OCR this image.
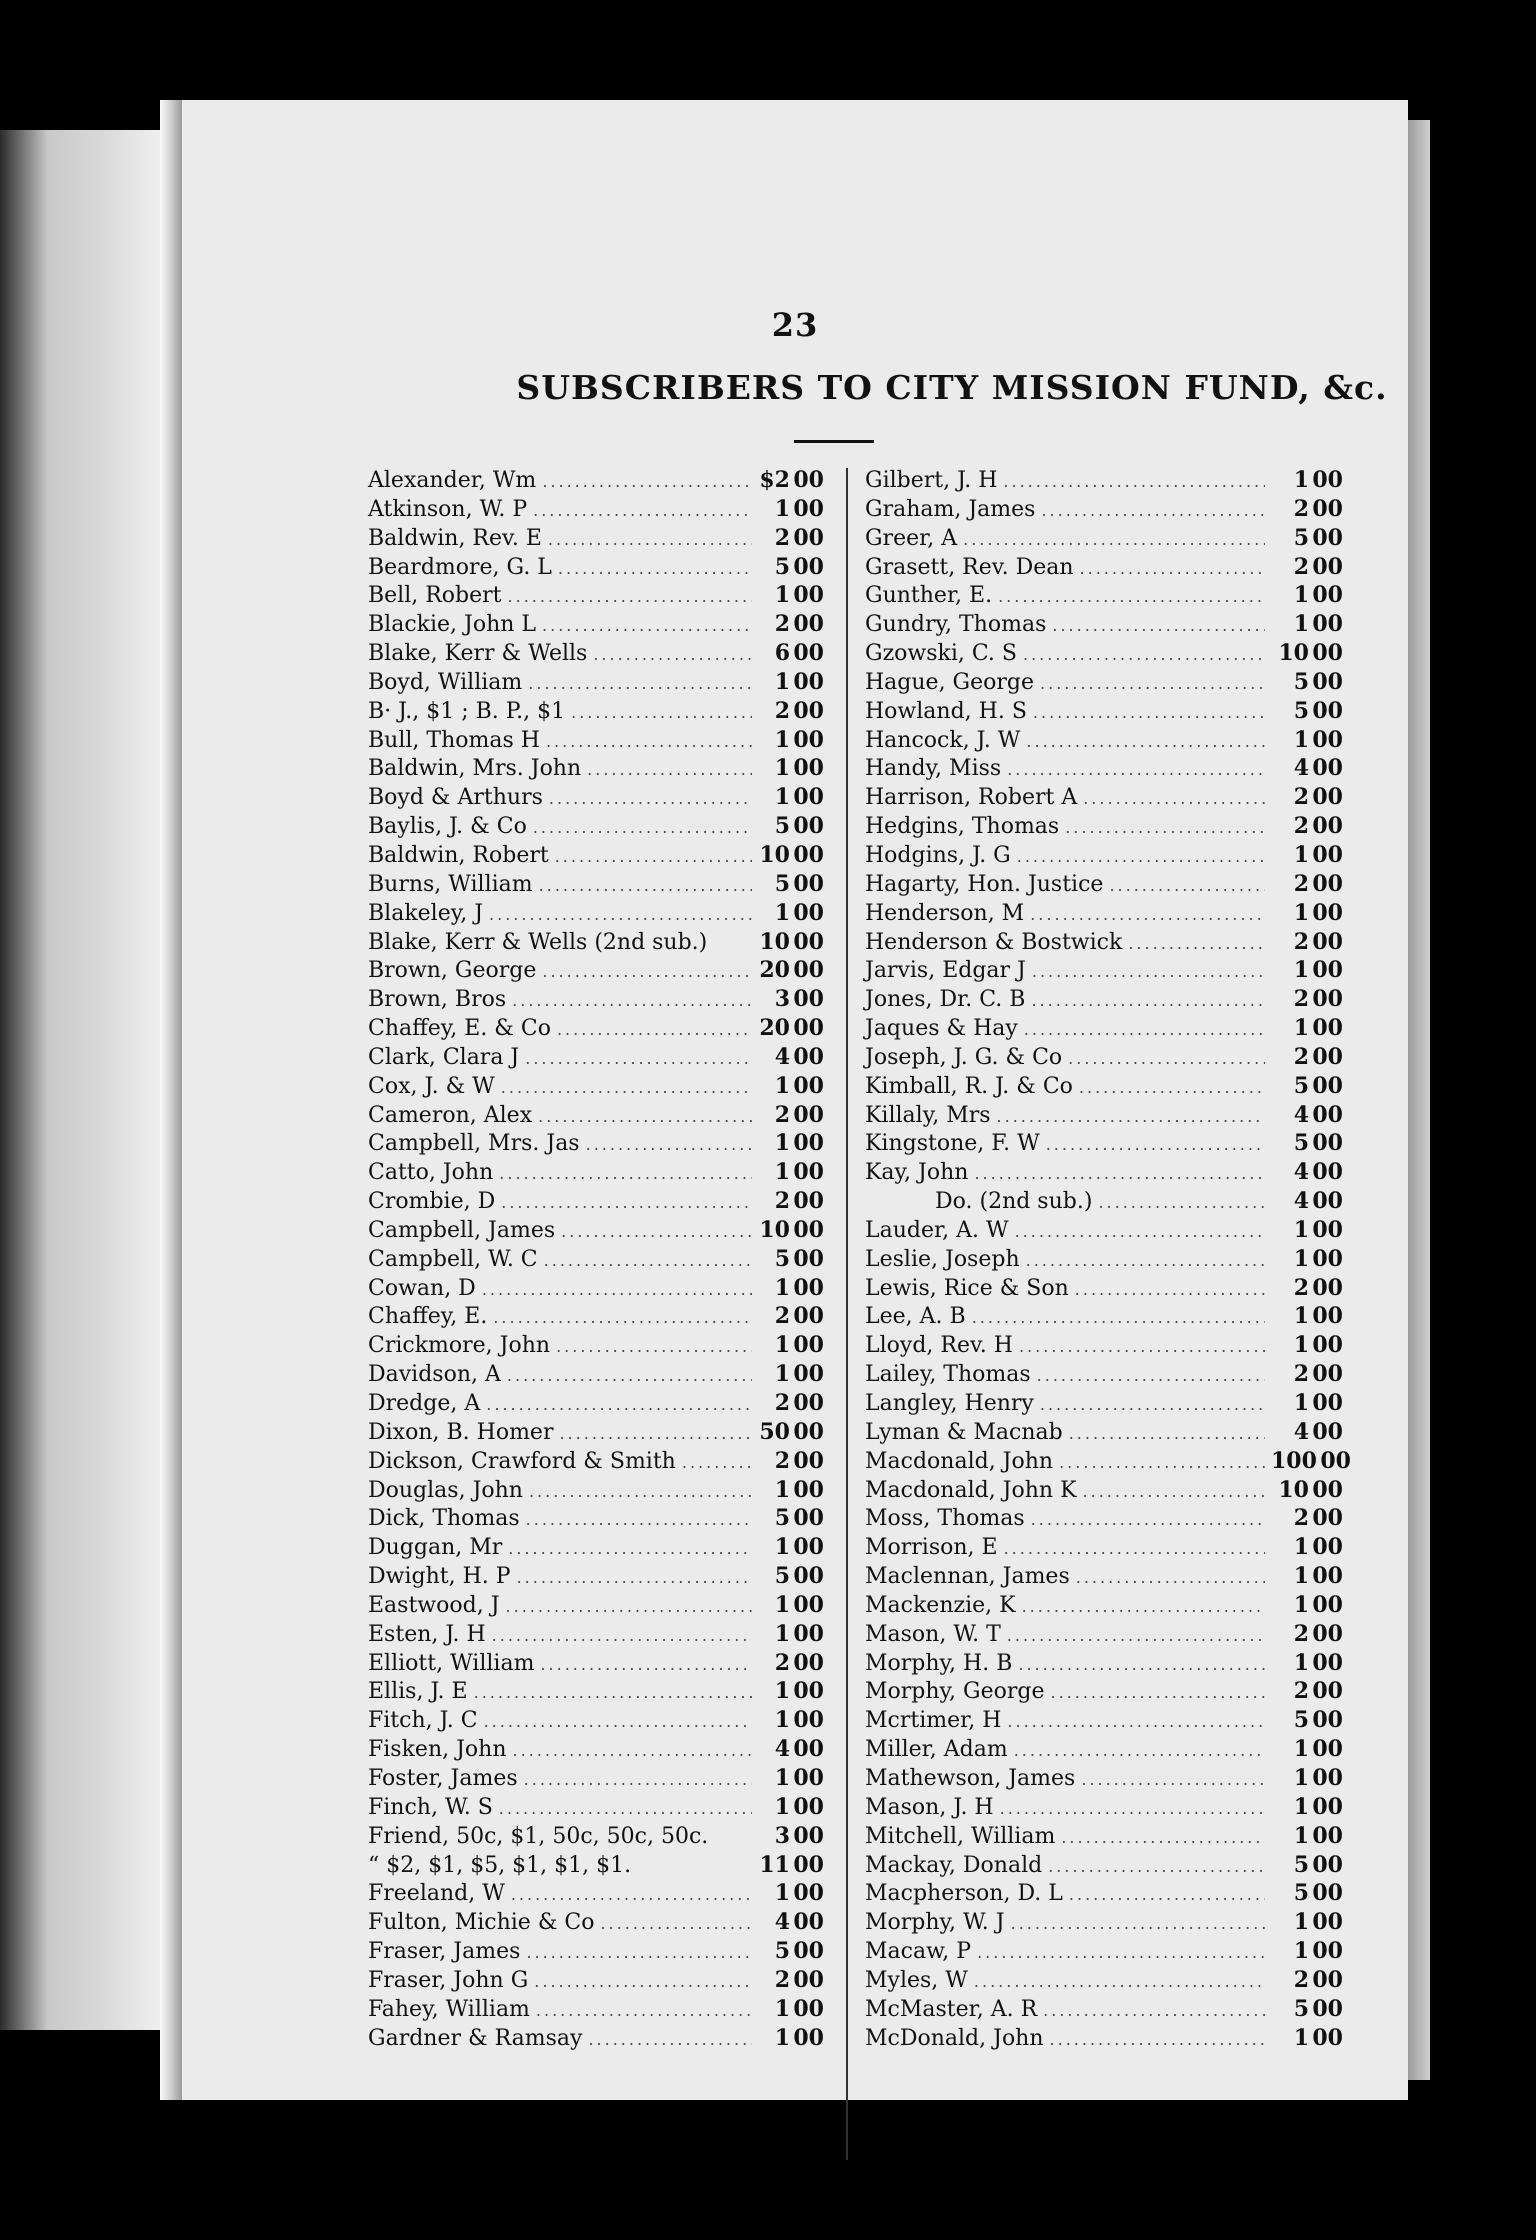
23
SUBSCRIBERS TO CITY MISSION FUND, &c.
Alexander, Wm .....	$2 00
Atkinson, W. P .....	1 00
Baldwin, Rev. E .....	2 00
Beardmore, G. L .....	5 00
Bell, Robert .....	1 00
Blackie, John L .....	2 00
Blake, Kerr & Wells .....	6 00
Boyd, William .....	1 00
B· J., $1 ; B. P., $1 .....	2 00
Bull, Thomas H .....	1 00
Baldwin, Mrs. John .....	1 00
Boyd & Arthurs .....	1 00
Baylis, J. & Co .....	5 00
Baldwin, Robert .....	10 00
Burns, William .....	5 00
Blakeley, J .....	1 00
Blake, Kerr & Wells (2nd sub.) 10 00
Brown, George .....	20 00
Brown, Bros .....	3 00
Chaffey, E. & Co .....	20 00
Clark, Clara J .....	4 00
Cox, J. & W .....	1 00
Cameron, Alex .....	2 00
Campbell, Mrs. Jas .....	1 00
Catto, John .....	1 00
Crombie, D .....	2 00
Campbell, James .....	10 00
Campbell, W. C .....	5 00
Cowan, D .....	1 00
Chaffey, E. .....	2 00
Crickmore, John .....	1 00
Davidson, A .....	1 00
Dredge, A .....	2 00
Dixon, B. Homer .....	50 00
Dickson, Crawford & Smith .....	2 00
Douglas, John .....	1 00
Dick, Thomas .....	5 00
Duggan, Mr .....	1 00
Dwight, H. P .....	5 00
Eastwood, J .....	1 00
Esten, J. H .....	1 00
Elliott, William .....	2 00
Ellis, J. E .....	1 00
Fitch, J. C .....	1 00
Fisken, John .....	4 00
Foster, James .....	1 00
Finch, W. S .....	1 00
Friend, 50c, $1, 50c, 50c, 50c.	3 00
“ $2, $1, $5, $1, $1, $1.	11 00
Freeland, W .....	1 00
Fulton, Michie & Co .....	4 00
Fraser, James .....	5 00
Fraser, John G .....	2 00
Fahey, William .....	1 00
Gardner & Ramsay .....	1 00
Gilbert, J. H .....	1 00
Graham, James .....	2 00
Greer, A .....	5 00
Grasett, Rev. Dean .....	2 00
Gunther, E. .....	1 00
Gundry, Thomas .....	1 00
Gzowski, C. S .....	10 00
Hague, George .....	5 00
Howland, H. S .....	5 00
Hancock, J. W .....	1 00
Handy, Miss .....	4 00
Harrison, Robert A .....	2 00
Hedgins, Thomas .....	2 00
Hodgins, J. G .....	1 00
Hagarty, Hon. Justice .....	2 00
Henderson, M .....	1 00
Henderson & Bostwick .....	2 00
Jarvis, Edgar J .....	1 00
Jones, Dr. C. B .....	2 00
Jaques & Hay .....	1 00
Joseph, J. G. & Co .....	2 00
Kimball, R. J. & Co .....	5 00
Killaly, Mrs .....	4 00
Kingstone, F. W .....	5 00
Kay, John .....	4 00
Do. (2nd sub.) .....	4 00
Lauder, A. W .....	1 00
Leslie, Joseph .....	1 00
Lewis, Rice & Son .....	2 00
Lee, A. B .....	1 00
Lloyd, Rev. H .....	1 00
Lailey, Thomas .....	2 00
Langley, Henry .....	1 00
Lyman & Macnab .....	4 00
Macdonald, John .....	100 00
Macdonald, John K .....	10 00
Moss, Thomas .....	2 00
Morrison, E .....	1 00
Maclennan, James .....	1 00
Mackenzie, K .....	1 00
Mason, W. T .....	2 00
Morphy, H. B .....	1 00
Morphy, George .....	2 00
Mcrtimer, H .....	5 00
Miller, Adam .....	1 00
Mathewson, James .....	1 00
Mason, J. H .....	1 00
Mitchell, William .....	1 00
Mackay, Donald .....	5 00
Macpherson, D. L .....	5 00
Morphy, W. J .....	1 00
Macaw, P .....	1 00
Myles, W .....	2 00
McMaster, A. R .....	5 00
McDonald, John .....	1 00
